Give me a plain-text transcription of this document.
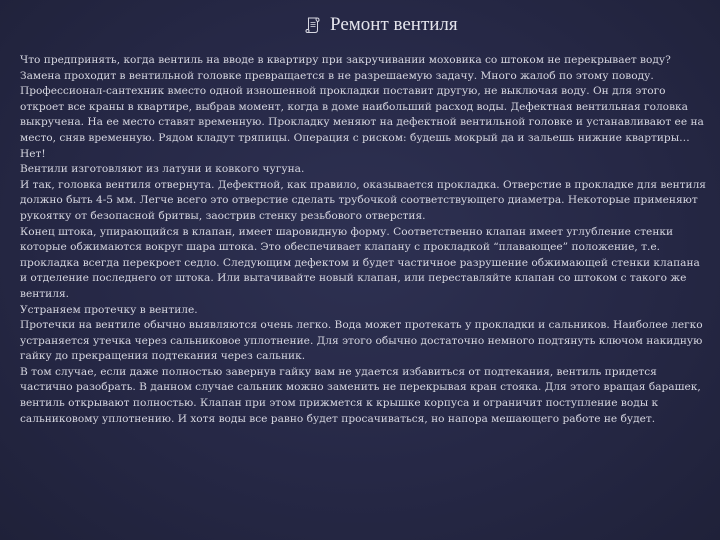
Ремонт вентиля

Что предпринять, когда вентиль на вводе в квартиру при закручивании моховика со штоком не перекрывает воду? Замена проходит в вентильной головке превращается в не разрешаемую задачу. Много жалоб по этому поводу. Профессионал-сантехник вместо одной изношенной прокладки поставит другую, не выключая воду. Он для этого откроет все краны в квартире, выбрав момент, когда в доме наибольший расход воды. Дефектная вентильная головка выкручена. На ее место ставят временную. Прокладку меняют на дефектной вентильной головке и устанавливают ее на место, сняв временную. Рядом кладут тряпицы. Операция с риском: будешь мокрый да и зальешь нижние квартиры… Нет!

Вентили изготовляют из латуни и ковкого чугуна.

И так, головка вентиля отвернута. Дефектной, как правило, оказывается прокладка. Отверстие в прокладке для вентиля должно быть 4-5 мм. Легче всего это отверстие сделать трубочкой соответствующего диаметра. Некоторые применяют рукоятку от безопасной бритвы, заострив стенку резьбового отверстия.

Конец штока, упирающийся в клапан, имеет шаровидную форму. Соответственно клапан имеет углубление стенки которые обжимаются вокруг шара штока. Это обеспечивает клапану с прокладкой “плавающее” положение, т.е. прокладка всегда перекроет седло. Следующим дефектом и будет частичное разрушение обжимающей стенки клапана и отделение последнего от штока. Или вытачивайте новый клапан, или переставляйте клапан со штоком с такого же вентиля.

Устраняем протечку в вентиле.

Протечки на вентиле обычно выявляются очень легко. Вода может протекать у прокладки и сальников. Наиболее легко устраняется утечка через сальниковое уплотнение. Для этого обычно достаточно немного подтянуть ключом накидную гайку до прекращения подтекания через сальник.

В том случае, если даже полностью завернув гайку вам не удается избавиться от подтекания, вентиль придется частично разобрать. В данном случае сальник можно заменить не перекрывая кран стояка. Для этого вращая барашек, вентиль открывают полностью. Клапан при этом прижмется к крышке корпуса и ограничит поступление воды к сальниковому уплотнению. И хотя воды все равно будет просачиваться, но напора мешающего работе не будет.
